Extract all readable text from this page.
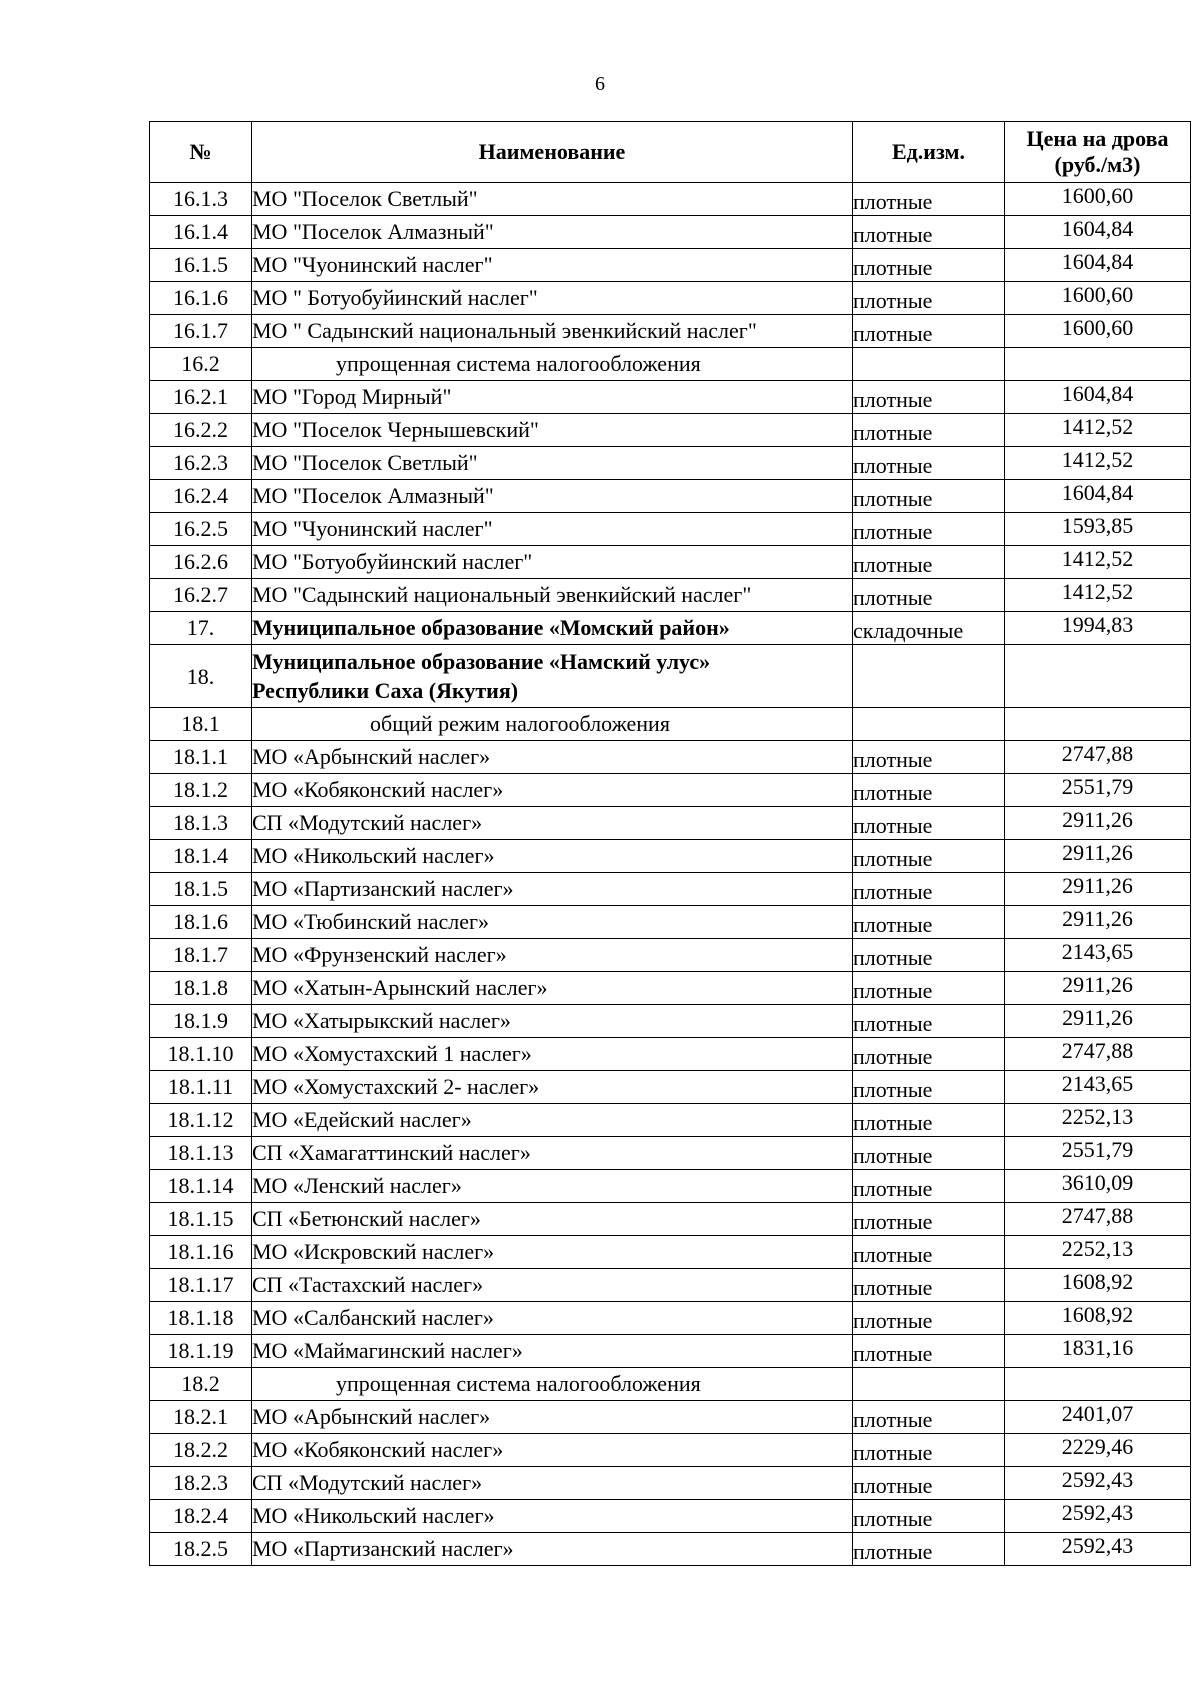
6
№	Наименование	Ед.изм.	Цена на дрова
(руб./м3)
16.1.3	МО "Поселок Светлый"	плотные	1600,60
16.1.4	МО "Поселок Алмазный"	плотные	1604,84
16.1.5	МО "Чуонинский наслег"	плотные	1604,84
16.1.6	МО " Ботуобуйинский наслег"	плотные	1600,60
16.1.7	МО " Садынский национальный эвенкийский наслег"	плотные	1600,60
16.2	упрощенная система налогообложения		
16.2.1	МО "Город Мирный"	плотные	1604,84
16.2.2	МО "Поселок Чернышевский"	плотные	1412,52
16.2.3	МО "Поселок Светлый"	плотные	1412,52
16.2.4	МО "Поселок Алмазный"	плотные	1604,84
16.2.5	МО "Чуонинский наслег"	плотные	1593,85
16.2.6	МО "Ботуобуйинский наслег"	плотные	1412,52
16.2.7	МО "Садынский национальный эвенкийский наслег"	плотные	1412,52
17.	Муниципальное образование «Момский район»	складочные	1994,83
18.	Муниципальное образование «Намский улус»
Республики Саха (Якутия)		
18.1	общий режим налогообложения		
18.1.1	МО «Арбынский наслег»	плотные	2747,88
18.1.2	МО «Кобяконский наслег»	плотные	2551,79
18.1.3	СП «Модутский наслег»	плотные	2911,26
18.1.4	МО «Никольский наслег»	плотные	2911,26
18.1.5	МО «Партизанский наслег»	плотные	2911,26
18.1.6	МО «Тюбинский наслег»	плотные	2911,26
18.1.7	МО «Фрунзенский наслег»	плотные	2143,65
18.1.8	МО «Хатын-Арынский наслег»	плотные	2911,26
18.1.9	МО «Хатырыкский наслег»	плотные	2911,26
18.1.10	МО «Хомустахский 1 наслег»	плотные	2747,88
18.1.11	МО «Хомустахский 2- наслег»	плотные	2143,65
18.1.12	МО «Едейский наслег»	плотные	2252,13
18.1.13	СП «Хамагаттинский наслег»	плотные	2551,79
18.1.14	МО «Ленский наслег»	плотные	3610,09
18.1.15	СП «Бетюнский наслег»	плотные	2747,88
18.1.16	МО «Искровский наслег»	плотные	2252,13
18.1.17	СП «Тастахский наслег»	плотные	1608,92
18.1.18	МО «Салбанский наслег»	плотные	1608,92
18.1.19	МО «Маймагинский наслег»	плотные	1831,16
18.2	упрощенная система налогообложения		
18.2.1	МО «Арбынский наслег»	плотные	2401,07
18.2.2	МО «Кобяконский наслег»	плотные	2229,46
18.2.3	СП «Модутский наслег»	плотные	2592,43
18.2.4	МО «Никольский наслег»	плотные	2592,43
18.2.5	МО «Партизанский наслег»	плотные	2592,43
